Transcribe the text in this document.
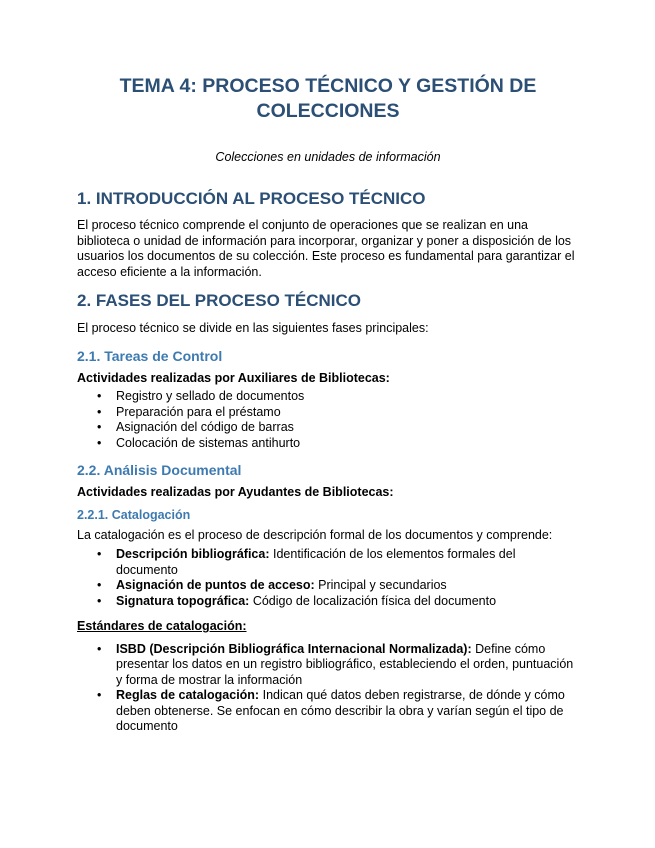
TEMA 4: PROCESO TÉCNICO Y GESTIÓN DE COLECCIONES
Colecciones en unidades de información
1. INTRODUCCIÓN AL PROCESO TÉCNICO

El proceso técnico comprende el conjunto de operaciones que se realizan en una biblioteca o unidad de información para incorporar, organizar y poner a disposición de los usuarios los documentos de su colección. Este proceso es fundamental para garantizar el acceso eficiente a la información.

2. FASES DEL PROCESO TÉCNICO

El proceso técnico se divide en las siguientes fases principales:

2.1. Tareas de Control

Actividades realizadas por Auxiliares de Bibliotecas:

• Registro y sellado de documentos
• Preparación para el préstamo
• Asignación del código de barras
• Colocación de sistemas antihurto
2.2. Análisis Documental

Actividades realizadas por Ayudantes de Bibliotecas:

2.2.1. Catalogación

La catalogación es el proceso de descripción formal de los documentos y comprende:

• Descripción bibliográfica: Identificación de los elementos formales del documento
• Asignación de puntos de acceso: Principal y secundarios
• Signatura topográfica: Código de localización física del documento

Estándares de catalogación:

• ISBD (Descripción Bibliográfica Internacional Normalizada): Define cómo presentar los datos en un registro bibliográfico, estableciendo el orden, puntuación y forma de mostrar la información
• Reglas de catalogación: Indican qué datos deben registrarse, de dónde y cómo deben obtenerse. Se enfocan en cómo describir la obra y varían según el tipo de documento
